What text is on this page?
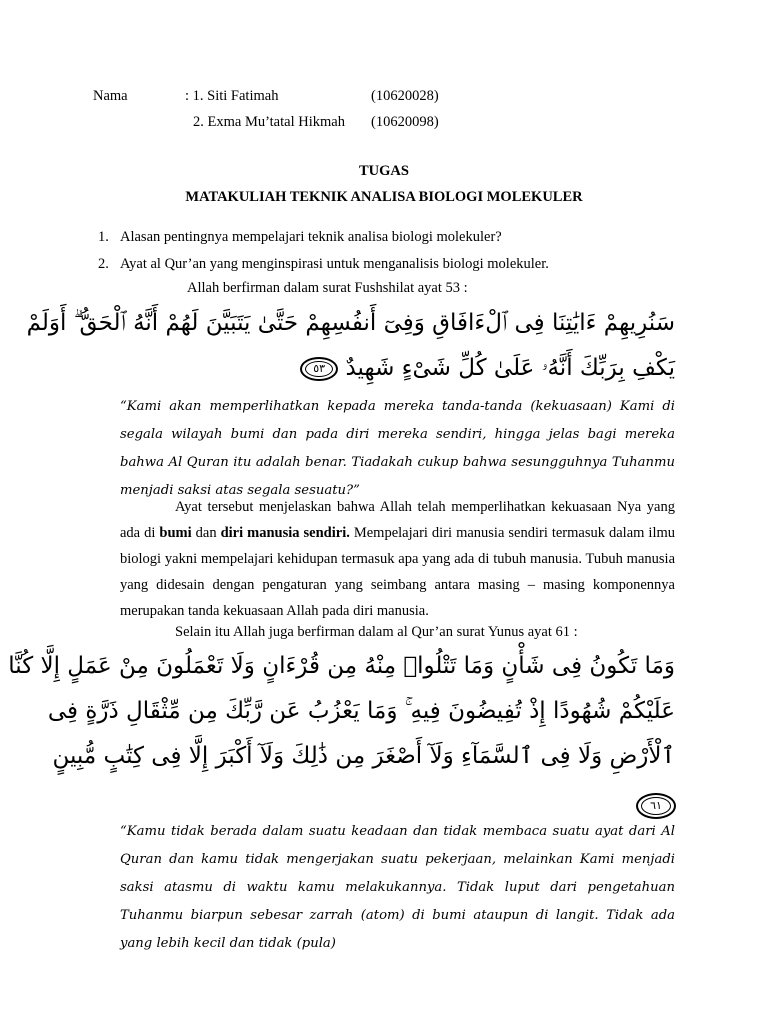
Nama	: 1. Siti Fatimah	(10620028)
2. Exma Mu’tatal Hikmah (10620098)
TUGAS
MATAKULIAH TEKNIK ANALISA BIOLOGI MOLEKULER
1. Alasan pentingnya mempelajari teknik analisa biologi molekuler?
2. Ayat al Qur’an yang menginspirasi untuk menganalisis biologi molekuler.
Allah berfirman dalam surat Fushshilat ayat 53 :
سَنُرِيهِمْ ءَايَٰتِنَا فِى ٱلْءَافَاقِ وَفِىٓ أَنفُسِهِمْ حَتَّىٰ يَتَبَيَّنَ لَهُمْ أَنَّهُ ٱلْحَقُّ ۗ أَوَلَمْ
يَكْفِ بِرَبِّكَ أَنَّهُۥ عَلَىٰ كُلِّ شَىْءٍ شَهِيدٌ ٥٣
“Kami akan memperlihatkan kepada mereka tanda-tanda (kekuasaan) Kami di segala wilayah bumi dan pada diri mereka sendiri, hingga jelas bagi mereka bahwa Al Quran itu adalah benar. Tiadakah cukup bahwa sesungguhnya Tuhanmu menjadi saksi atas segala sesuatu?”
Ayat tersebut menjelaskan bahwa Allah telah memperlihatkan kekuasaan Nya yang ada di bumi dan diri manusia sendiri. Mempelajari diri manusia sendiri termasuk dalam ilmu biologi yakni mempelajari kehidupan termasuk apa yang ada di tubuh manusia. Tubuh manusia yang didesain dengan pengaturan yang seimbang antara masing – masing komponennya merupakan tanda kekuasaan Allah pada diri manusia.
Selain itu Allah juga berfirman dalam al Qur’an surat Yunus ayat 61 :
وَمَا تَكُونُ فِى شَأْنٍ وَمَا تَتْلُوا۟ مِنْهُ مِن قُرْءَانٍ وَلَا تَعْمَلُونَ مِنْ عَمَلٍ إِلَّا كُنَّا
عَلَيْكُمْ شُهُودًا إِذْ تُفِيضُونَ فِيهِ ۚ وَمَا يَعْزُبُ عَن رَّبِّكَ مِن مِّثْقَالِ ذَرَّةٍ فِى
ٱلْأَرْضِ وَلَا فِى ٱلسَّمَآءِ وَلَآ أَصْغَرَ مِن ذَٰلِكَ وَلَآ أَكْبَرَ إِلَّا فِى كِتَٰبٍ مُّبِينٍ
٦١
“Kamu tidak berada dalam suatu keadaan dan tidak membaca suatu ayat dari Al Quran dan kamu tidak mengerjakan suatu pekerjaan, melainkan Kami menjadi saksi atasmu di waktu kamu melakukannya. Tidak luput dari pengetahuan Tuhanmu biarpun sebesar zarrah (atom) di bumi ataupun di langit. Tidak ada yang lebih kecil dan tidak (pula)
